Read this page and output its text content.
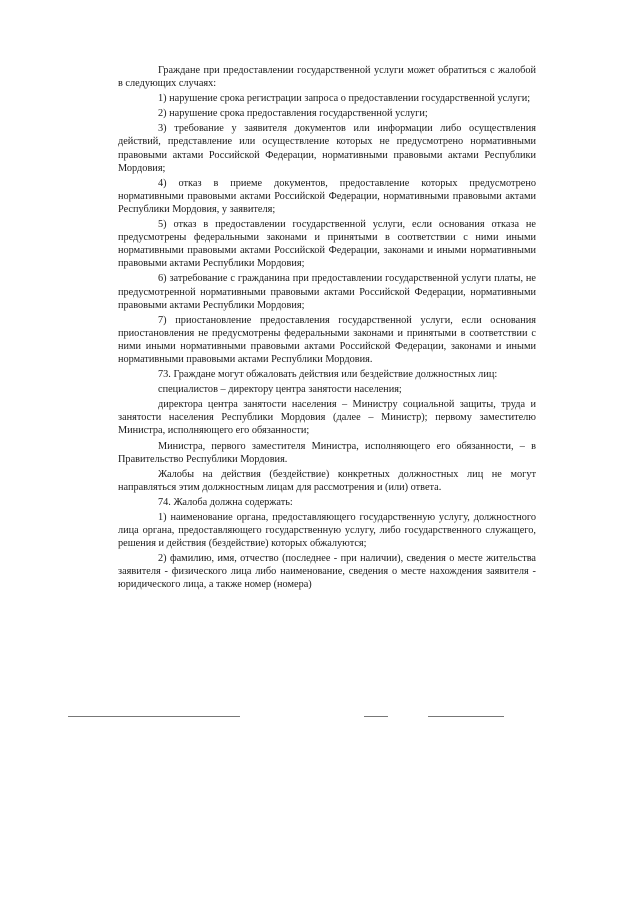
Граждане при предоставлении государственной услуги может обратиться с жалобой в следующих случаях:

1) нарушение срока регистрации запроса о предоставлении государственной услуги;

2) нарушение срока предоставления государственной услуги;

3) требование у заявителя документов или информации либо осуществления действий, представление или осуществление которых не предусмотрено нормативными правовыми актами Российской Федерации, нормативными правовыми актами Республики Мордовия;

4) отказ в приеме документов, предоставление которых предусмотрено нормативными правовыми актами Российской Федерации, нормативными правовыми актами Республики Мордовия, у заявителя;

5) отказ в предоставлении государственной услуги, если основания отказа не предусмотрены федеральными законами и принятыми в соответствии с ними иными нормативными правовыми актами Российской Федерации, законами и иными нормативными правовыми актами Республики Мордовия;

6) затребование с гражданина при предоставлении государственной услуги платы, не предусмотренной нормативными правовыми актами Российской Федерации, нормативными правовыми актами Республики Мордовия;

7) приостановление предоставления государственной услуги, если основания приостановления не предусмотрены федеральными законами и принятыми в соответствии с ними иными нормативными правовыми актами Российской Федерации, законами и иными нормативными правовыми актами Республики Мордовия.

73. Граждане могут обжаловать действия или бездействие должностных лиц:

специалистов – директору центра занятости населения;

директора центра занятости населения – Министру социальной защиты, труда и занятости населения Республики Мордовия (далее – Министр); первому заместителю Министра, исполняющего его обязанности;

Министра, первого заместителя Министра, исполняющего его обязанности, – в Правительство Республики Мордовия.

Жалобы на действия (бездействие) конкретных должностных лиц не могут направляться этим должностным лицам для рассмотрения и (или) ответа.

74. Жалоба должна содержать:

1) наименование органа, предоставляющего государственную услугу, должностного лица органа, предоставляющего государственную услугу, либо государственного служащего, решения и действия (бездействие) которых обжалуются;

2) фамилию, имя, отчество (последнее - при наличии), сведения о месте жительства заявителя - физического лица либо наименование, сведения о месте нахождения заявителя - юридического лица, а также номер (номера)
